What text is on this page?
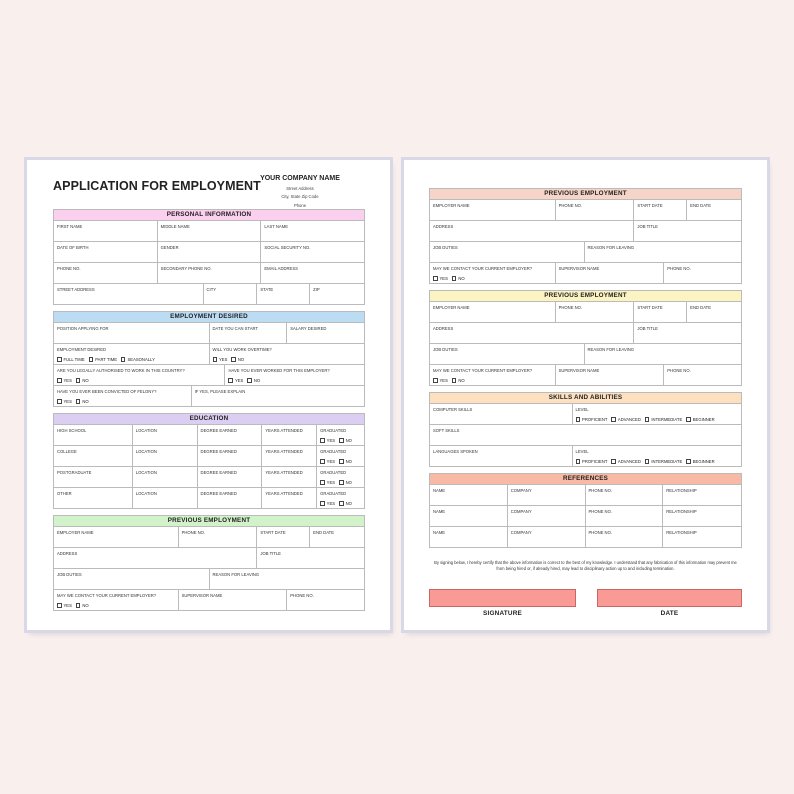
APPLICATION FOR EMPLOYMENT
YOUR COMPANY NAME
Street Address
City, State Zip Code
Phone
PERSONAL INFORMATION
FIRST NAME	MIDDLE NAME	LAST NAME
DATE OF BIRTH	GENDER	SOCIAL SECURITY NO.
PHONE NO.	SECONDARY PHONE NO.	EMAIL ADDRESS
STREET ADDRESS	CITY	STATE	ZIP
EMPLOYMENT DESIRED
POSITION APPLYING FOR	DATE YOU CAN START	SALARY DESIRED
EMPLOYMENT DESIRED
FULL TIME	PART TIME	SEASONALLY
WILL YOU WORK OVERTIME?
YES	NO
ARE YOU LEGALLY AUTHORISED TO WORK IN THIS COUNTRY?
YES	NO
HAVE YOU EVER WORKED FOR THIS EMPLOYER?
YES	NO
HAVE YOU EVER BEEN CONVICTED OF FELONY?
YES	NO
IF YES, PLEASE EXPLAIN
EDUCATION
HIGH SCHOOL	LOCATION	DEGREE EARNED	YEARS ATTENDED	GRADUATED
YES	NO
COLLEGE	LOCATION	DEGREE EARNED	YEARS ATTENDED	GRADUATED
YES	NO
POSTGRADUATE	LOCATION	DEGREE EARNED	YEARS ATTENDED	GRADUATED
YES	NO
OTHER	LOCATION	DEGREE EARNED	YEARS ATTENDED	GRADUATED
YES	NO
PREVIOUS EMPLOYMENT
EMPLOYER NAME	PHONE NO.	START DATE	END DATE
ADDRESS	JOB TITLE
JOB DUTIES	REASON FOR LEAVING
MAY WE CONTACT YOUR CURRENT EMPLOYER?
YES	NO
SUPERVISOR NAME	PHONE NO.
PREVIOUS EMPLOYMENT
EMPLOYER NAME	PHONE NO.	START DATE	END DATE
ADDRESS	JOB TITLE
JOB DUTIES	REASON FOR LEAVING
MAY WE CONTACT YOUR CURRENT EMPLOYER?
YES	NO
SUPERVISOR NAME	PHONE NO.
PREVIOUS EMPLOYMENT
EMPLOYER NAME	PHONE NO.	START DATE	END DATE
ADDRESS	JOB TITLE
JOB DUTIES	REASON FOR LEAVING
MAY WE CONTACT YOUR CURRENT EMPLOYER?
YES	NO
SUPERVISOR NAME	PHONE NO.
SKILLS AND ABILITIES
COMPUTER SKILLS	LEVEL
PROFICIENT	ADVANCED	INTERMEDIATE	BEGINNER
SOFT SKILLS
LANGUAGES SPOKEN	LEVEL
PROFICIENT	ADVANCED	INTERMEDIATE	BEGINNER
REFERENCES
NAME	COMPANY	PHONE NO.	RELATIONSHIP
NAME	COMPANY	PHONE NO.	RELATIONSHIP
NAME	COMPANY	PHONE NO.	RELATIONSHIP
By signing below, I hereby certify that the above information is correct to the best of my knowledge. I understand that any fabrication of this information may prevent me from being hired or, if already hired, may lead to disciplinary action up to and including termination.
SIGNATURE	DATE
